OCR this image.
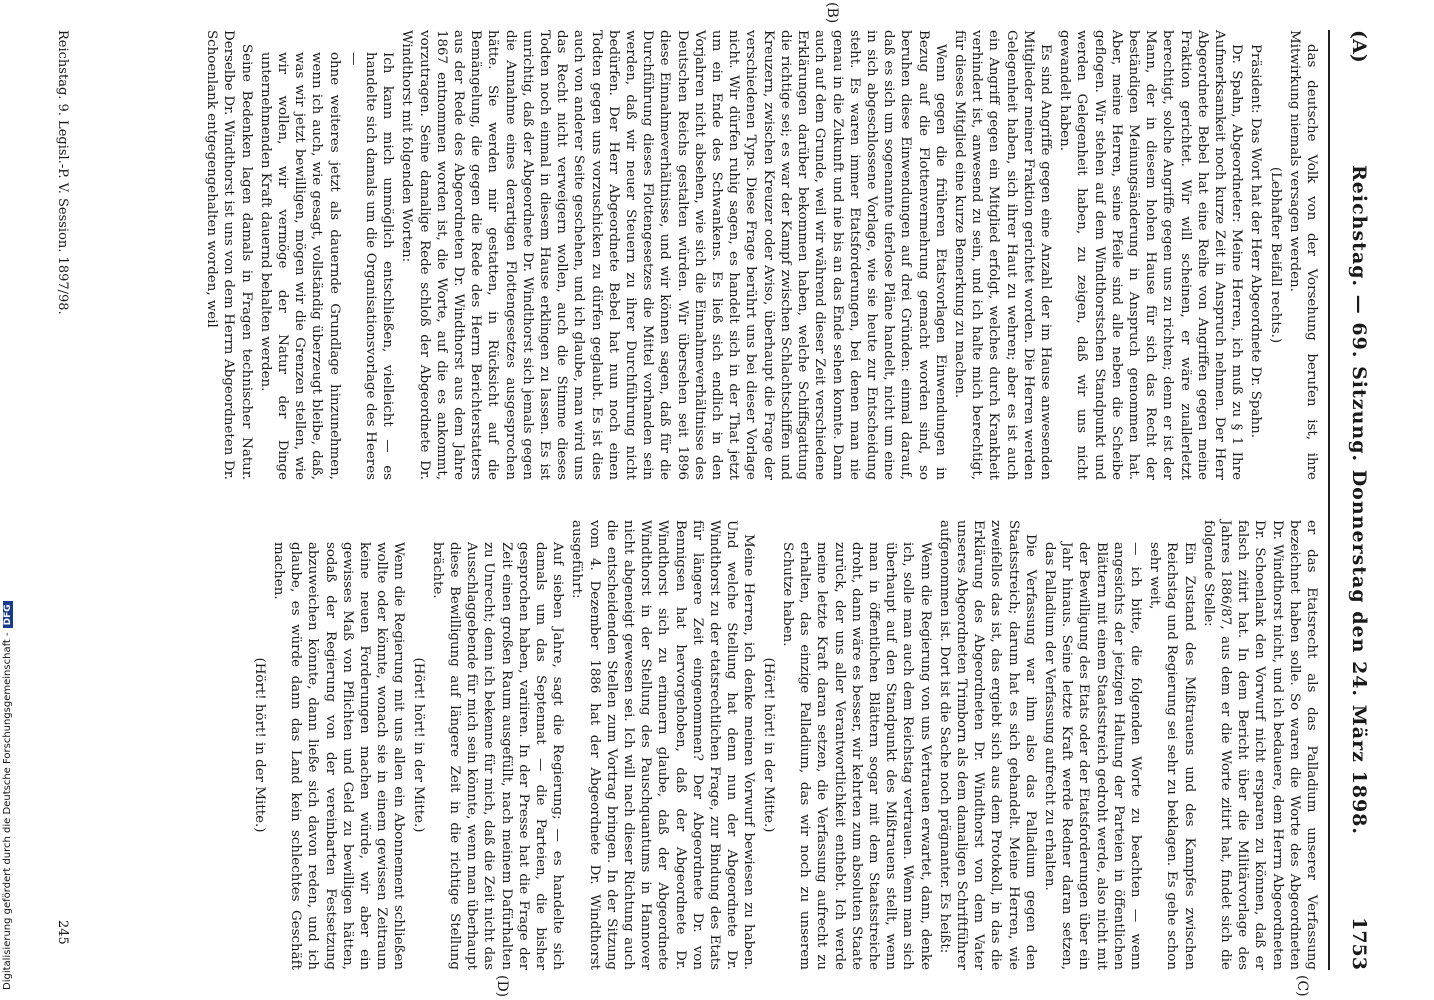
(A)
Reichstag. — 69. Sitzung. Donnerstag den 24. März 1898.
1753
(B)
(C)
(D)

das deutsche Volk von der Vorsehung berufen ist, ihre Mitwirkung niemals versagen werden.

(Lebhafter Beifall rechts.)

Präsident: Das Wort hat der Herr Abgeordnete Dr. Spahn.

Dr. Spahn, Abgeordneter: Meine Herren, ich muß zu § 1 Ihre Aufmerksamkeit noch kurze Zeit in Anspruch nehmen. Der Herr Abgeordnete Bebel hat eine Reihe von Angriffen gegen meine Fraktion gerichtet. Wir will scheinen, er wäre zuallerletzt berechtigt, solche Angriffe gegen uns zu richten; denn er ist der Mann, der in diesem hohen Hause für sich das Recht der beständigen Meinungsänderung in Anspruch genommen hat. Aber, meine Herren, seine Pfeile sind alle neben die Scheibe geflogen. Wir stehen auf dem Windthorstschen Standpunkt und werden Gelegenheit haben, zu zeigen, daß wir uns nicht gewandelt haben.

Es sind Angriffe gegen eine Anzahl der im Hause anwesenden Mitglieder meiner Fraktion gerichtet worden. Die Herren werden Gelegenheit haben, sich ihrer Haut zu wehren; aber es ist auch ein Angriff gegen ein Mitglied erfolgt, welches durch Krankheit verhindert ist, anwesend zu sein, und ich halte mich berechtigt, für dieses Mitglied eine kurze Bemerkung zu machen.

Wenn gegen die früheren Etatsvorlagen Einwendungen in Bezug auf die Flottenvermehrung gemacht worden sind, so beruhen diese Einwendungen auf drei Gründen: einmal darauf, daß es sich um sogenannte uferlose Pläne handelt, nicht um eine in sich abgeschlossene Vorlage, wie sie heute zur Entscheidung steht. Es waren immer Etatsforderungen, bei denen man nie genau in die Zukunft und nie bis an das Ende sehen konnte. Dann auch auf dem Grunde, weil wir während dieser Zeit verschiedene Erklärungen darüber bekommen haben, welche Schiffsgattung die richtige sei; es war der Kampf zwischen Schlachtschiffen und Kreuzern, zwischen Kreuzer oder Aviso, überhaupt die Frage der verschiedenen Typs. Diese Frage berührt uns bei dieser Vorlage nicht. Wir dürfen ruhig sagen, es handelt sich in der That jetzt um ein Ende des Schwankens. Es ließ sich endlich in den Vorjahren nicht absehen, wie sich die Einnahmeverhältnisse des Deutschen Reichs gestalten würden. Wir übersehen seit 1896 diese Einnahmeverhältnisse, und wir können sagen, daß für die Durchführung dieses Flottengesetzes die Mittel vorhanden sein werden, daß wir neuer Steuern zu ihrer Durchführung nicht bedürfen. Der Herr Abgeordnete Bebel hat nun noch einen Todten gegen uns vorzuschicken zu dürfen geglaubt. Es ist dies auch von anderer Seite geschehen, und ich glaube, man wird uns das Recht nicht verweigern wollen, auch die Stimme dieses Todten noch einmal in diesem Hause erklingen zu lassen. Es ist unrichtig, daß der Abgeordnete Dr. Windthorst sich jemals gegen die Annahme eines derartigen Flottengesetzes ausgesprochen hätte. Sie werden mir gestatten, in Rücksicht auf die Bemängelung, die gegen die Rede des Herrn Berichterstatters aus der Rede des Abgeordneten Dr. Windthorst aus dem Jahre 1867 entnommen worden ist, die Worte, auf die es ankommt, vorzutragen. Seine damalige Rede schloß der Abgeordnete Dr. Windthorst mit folgenden Worten:

Ich kann mich unmöglich entschließen, vielleicht — es handelte sich damals um die Organisationsvorlage des Heeres —

ohne weiteres jetzt als dauernde Grundlage hinzunehmen, wenn ich auch, wie gesagt, vollständig überzeugt bleibe, daß, was wir jetzt bewilligen, mögen wir die Grenzen stellen, wie wir wollen, wir vermöge der Natur der Dinge unternehmenden Kraft dauernd behalten werden.

Seine Bedenken lagen damals in Fragen technischer Natur. Derselbe Dr. Windthorst ist uns von dem Herrn Abgeordneten Dr. Schoenlank entgegengehalten worden, weil

er das Etatsrecht als das Palladium unserer Verfassung bezeichnet haben solle. So waren die Worte des Abgeordneten Dr. Windthorst nicht, und ich bedauere, dem Herrn Abgeordneten Dr. Schoenlank den Vorwurf nicht ersparen zu können, daß er falsch zitirt hat. In dem Bericht über die Militärvorlage des Jahres 1886/87, aus dem er die Worte zitirt hat, findet sich die folgende Stelle:

Ein Zustand des Mißtrauens und des Kampfes zwischen Reichstag und Regierung sei sehr zu beklagen. Es gehe schon sehr weit,

— ich bitte, die folgenden Worte zu beachten — wenn angesichts der jetzigen Haltung der Parteien in öffentlichen Blättern mit einem Staatsstreich gedroht werde, also nicht mit der Bewilligung des Etats oder der Etatsforderungen über ein Jahr hinaus. Seine letzte Kraft werde Redner daran setzen, das Palladium der Verfassung aufrecht zu erhalten.

Die Verfassung war ihm also das Palladium gegen den Staatsstreich; darum hat es sich gehandelt. Meine Herren, wie zweifellos das ist, das ergiebt sich aus dem Protokoll, in das die Erklärung des Abgeordneten Dr. Windthorst von dem Vater unseres Abgeordneten Trimborn als dem damaligen Schriftführer aufgenommen ist. Dort ist die Sache noch prägnanter. Es heißt:

Wenn die Regierung von uns Vertrauen erwartet, dann, denke ich, solle man auch dem Reichstag vertrauen. Wenn man sich überhaupt auf den Standpunkt des Mißtrauens stellt, wenn man in öffentlichen Blättern sogar mit dem Staatsstreiche droht, dann wäre es besser, wir kehrten zum absoluten Staate zurück, der uns aller Verantwortlichkeit enthebt. Ich werde meine letzte Kraft daran setzen, die Verfassung aufrecht zu erhalten, das einzige Palladium, das wir noch zu unserem Schutze haben.

(Hört! hört! in der Mitte.)

Meine Herren, ich denke meinen Vorwurf bewiesen zu haben. Und welche Stellung hat denn nun der Abgeordnete Dr. Windthorst zu der etatsrechtlichen Frage, zur Bindung des Etats für längere Zeit eingenommen? Der Abgeordnete Dr. von Bennigsen hat hervorgehoben, daß der Abgeordnete Dr. Windthorst sich zu erinnern glaube, daß der Abgeordnete Windthorst in der Stellung des Pauschquantums in Hannover nicht abgeneigt gewesen sei. Ich will nach dieser Richtung auch die entscheidenden Stellen zum Vortrag bringen. In der Sitzung vom 4. Dezember 1886 hat der Abgeordnete Dr. Windthorst ausgeführt:

Auf sieben Jahre, sagt die Regierung; — es handelte sich damals um das Septennat — die Parteien, die bisher gesprochen haben, variiren. In der Presse hat die Frage der Zeit einen großen Raum ausgefüllt, nach meinem Dafürhalten zu Unrecht; denn ich bekenne für mich, daß die Zeit nicht das Ausschlaggebende für mich sein könnte, wenn man überhaupt diese Bewilligung auf längere Zeit in die richtige Stellung brächte.

(Hört! hört! in der Mitte.)

Wenn die Regierung mit uns allen ein Abonnement schließen wollte oder könnte, wonach sie in einem gewissen Zeitraum keine neuen Forderungen machen würde, wir aber ein gewisses Maß von Pflichten und Geld zu bewilligen hätten, sodaß der Regierung von der vereinbarten Festsetzung abzuweichen könnte, dann ließe sich davon reden, und ich glaube, es würde dann das Land kein schlechtes Geschäft machen.

(Hört! hört! in der Mitte.)

Reichstag. 9. Legisl.-P. V. Session. 1897/98.
245
Digitalisierung gefördert durch die Deutsche Forschungsgemeinschaft -DFG
